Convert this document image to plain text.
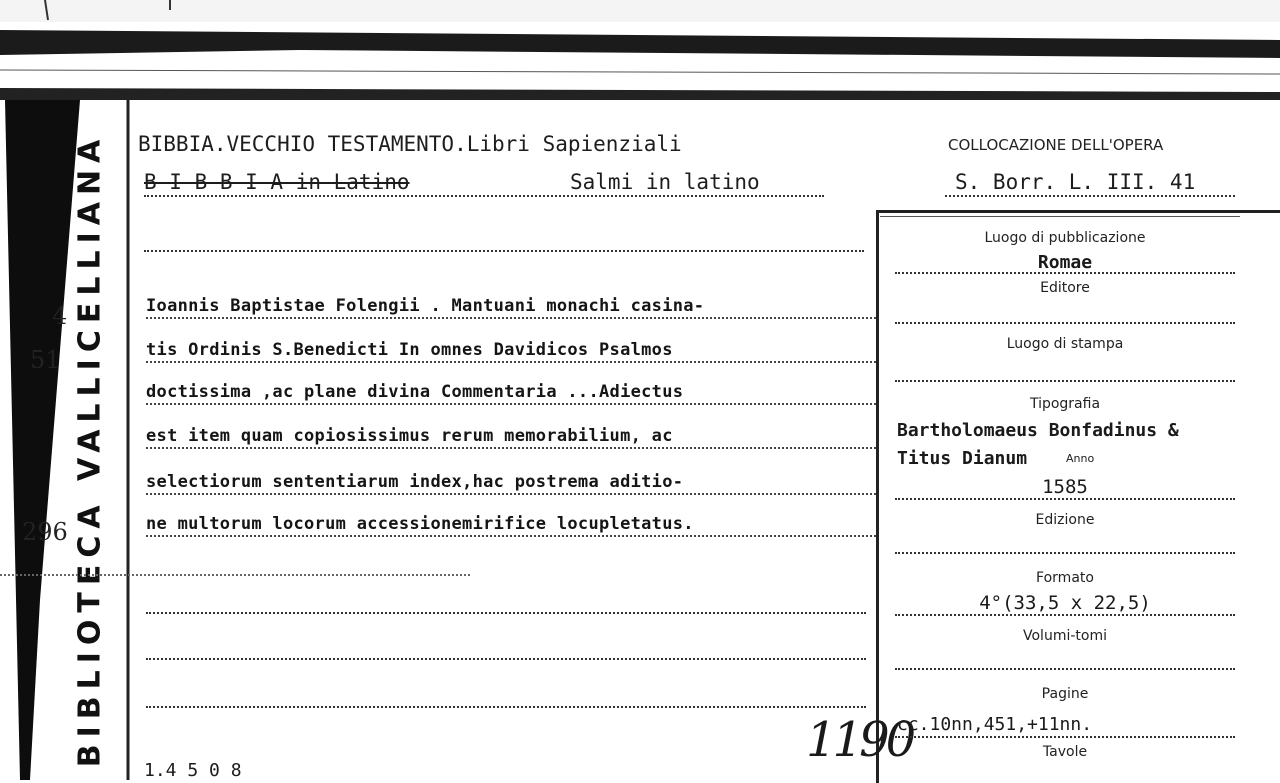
BIBLIOTECA VALLICELLIANA
4
51
296
BIBBIA.VECCHIO TESTAMENTO.Libri Sapienziali
B I B B I A in Latino	Salmi in latino
COLLOCAZIONE DELL'OPERA
S. Borr. L. III. 41
Ioannis Baptistae Folengii . Mantuani monachi casina-
tis Ordinis S.Benedicti In omnes Davidicos Psalmos
doctissima ,ac plane divina Commentaria ...Adiectus
est item quam copiosissimus rerum memorabilium, ac
selectiorum sententiarum index,hac postrema aditio-
ne multorum locorum accessionemirifice locupletatus.
1.4 5 0 8
1190
Luogo di pubblicazione
Romae
Editore
Luogo di stampa
Tipografia
Bartholomaeus Bonfadinus &
Titus Dianum	Anno
1585
Edizione
Formato
4°(33,5 x 22,5)
Volumi-tomi
Pagine
cc.10nn,451,+11nn.
Tavole
